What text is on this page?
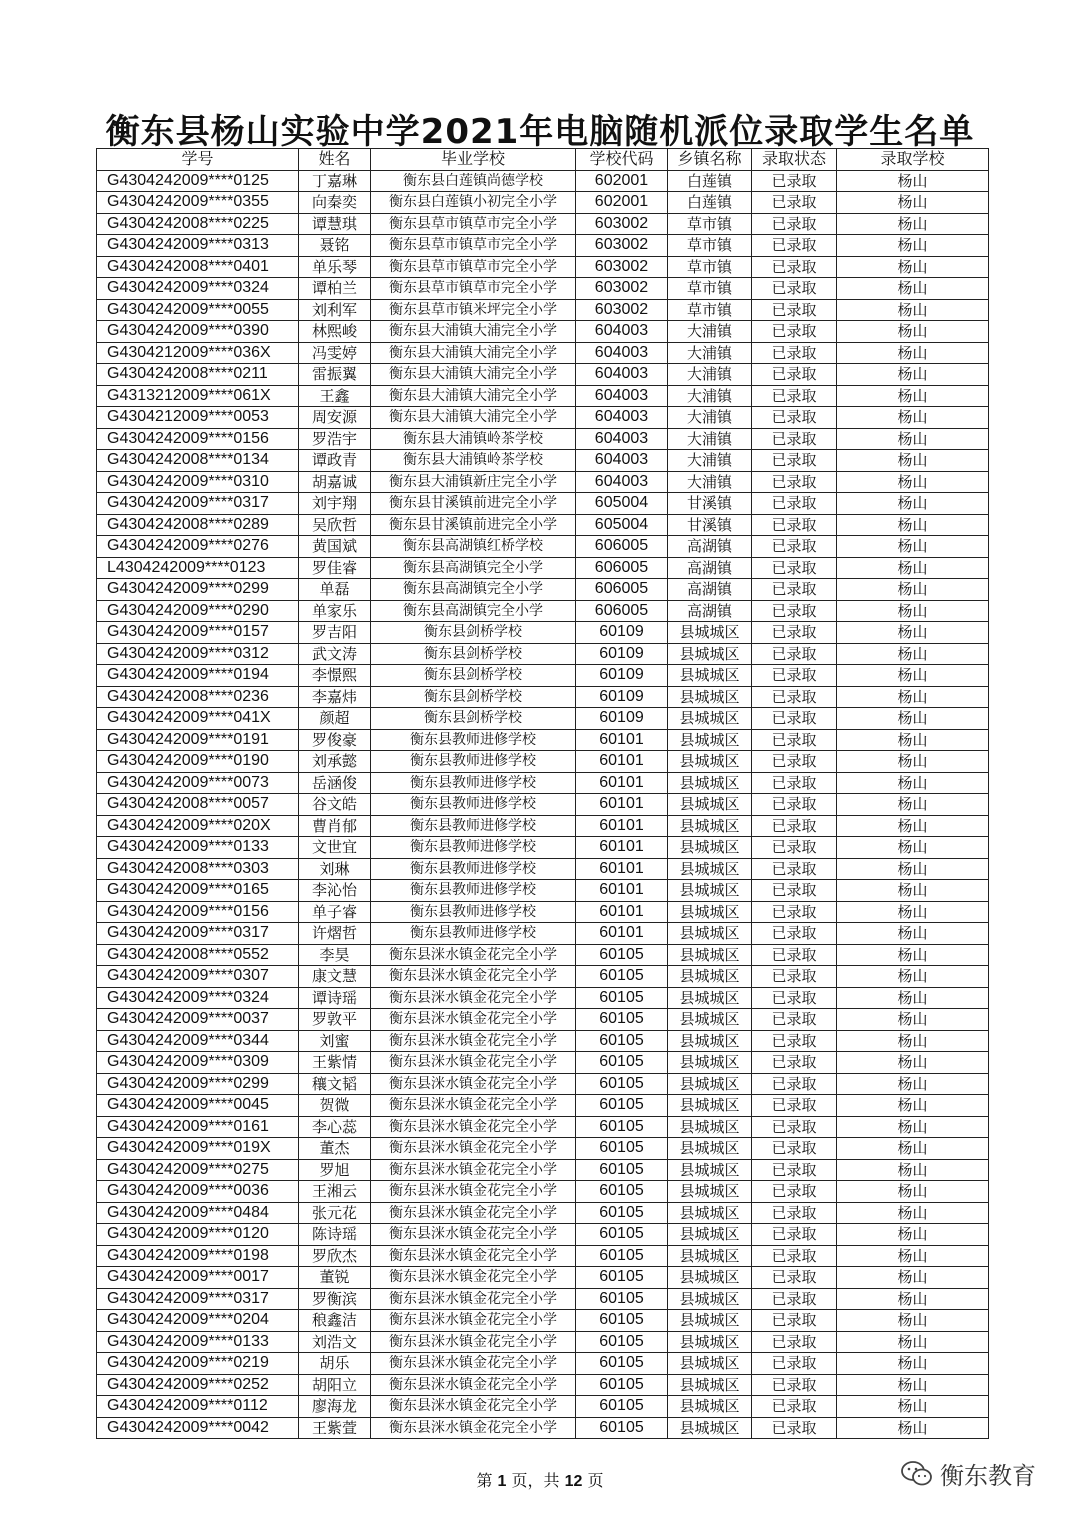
衡东县杨山实验中学2021年电脑随机派位录取学生名单
学号	姓名	毕业学校	学校代码	乡镇名称	录取状态	录取学校
G4304242009****0125	丁嘉琳	衡东县白莲镇尚德学校	602001	白莲镇	已录取	杨山
G4304242009****0355	向秦奕	衡东县白莲镇小初完全小学	602001	白莲镇	已录取	杨山
G4304242008****0225	谭慧琪	衡东县草市镇草市完全小学	603002	草市镇	已录取	杨山
G4304242009****0313	聂铭	衡东县草市镇草市完全小学	603002	草市镇	已录取	杨山
G4304242008****0401	单乐琴	衡东县草市镇草市完全小学	603002	草市镇	已录取	杨山
G4304242009****0324	谭柏兰	衡东县草市镇草市完全小学	603002	草市镇	已录取	杨山
G4304242009****0055	刘利军	衡东县草市镇米坪完全小学	603002	草市镇	已录取	杨山
G4304242009****0390	林熙峻	衡东县大浦镇大浦完全小学	604003	大浦镇	已录取	杨山
G4304212009****036X	冯雯婷	衡东县大浦镇大浦完全小学	604003	大浦镇	已录取	杨山
G4304242008****0211	雷振翼	衡东县大浦镇大浦完全小学	604003	大浦镇	已录取	杨山
G4313212009****061X	王鑫	衡东县大浦镇大浦完全小学	604003	大浦镇	已录取	杨山
G4304212009****0053	周安源	衡东县大浦镇大浦完全小学	604003	大浦镇	已录取	杨山
G4304242009****0156	罗浩宇	衡东县大浦镇岭茶学校	604003	大浦镇	已录取	杨山
G4304242008****0134	谭政青	衡东县大浦镇岭茶学校	604003	大浦镇	已录取	杨山
G4304242009****0310	胡嘉诚	衡东县大浦镇新庄完全小学	604003	大浦镇	已录取	杨山
G4304242009****0317	刘宇翔	衡东县甘溪镇前进完全小学	605004	甘溪镇	已录取	杨山
G4304242008****0289	吴欣哲	衡东县甘溪镇前进完全小学	605004	甘溪镇	已录取	杨山
G4304242009****0276	黄国斌	衡东县高湖镇红桥学校	606005	高湖镇	已录取	杨山
L4304242009****0123	罗佳睿	衡东县高湖镇完全小学	606005	高湖镇	已录取	杨山
G4304242009****0299	单磊	衡东县高湖镇完全小学	606005	高湖镇	已录取	杨山
G4304242009****0290	单家乐	衡东县高湖镇完全小学	606005	高湖镇	已录取	杨山
G4304242009****0157	罗吉阳	衡东县剑桥学校	60109	县城城区	已录取	杨山
G4304242009****0312	武文涛	衡东县剑桥学校	60109	县城城区	已录取	杨山
G4304242009****0194	李憬熙	衡东县剑桥学校	60109	县城城区	已录取	杨山
G4304242008****0236	李嘉炜	衡东县剑桥学校	60109	县城城区	已录取	杨山
G4304242009****041X	颜超	衡东县剑桥学校	60109	县城城区	已录取	杨山
G4304242009****0191	罗俊豪	衡东县教师进修学校	60101	县城城区	已录取	杨山
G4304242009****0190	刘承懿	衡东县教师进修学校	60101	县城城区	已录取	杨山
G4304242009****0073	岳涵俊	衡东县教师进修学校	60101	县城城区	已录取	杨山
G4304242008****0057	谷文皓	衡东县教师进修学校	60101	县城城区	已录取	杨山
G4304242009****020X	曹肖郁	衡东县教师进修学校	60101	县城城区	已录取	杨山
G4304242009****0133	文世宜	衡东县教师进修学校	60101	县城城区	已录取	杨山
G4304242008****0303	刘琳	衡东县教师进修学校	60101	县城城区	已录取	杨山
G4304242009****0165	李沁怡	衡东县教师进修学校	60101	县城城区	已录取	杨山
G4304242009****0156	单子睿	衡东县教师进修学校	60101	县城城区	已录取	杨山
G4304242009****0317	许熠哲	衡东县教师进修学校	60101	县城城区	已录取	杨山
G4304242008****0552	李昊	衡东县洣水镇金花完全小学	60105	县城城区	已录取	杨山
G4304242009****0307	康文慧	衡东县洣水镇金花完全小学	60105	县城城区	已录取	杨山
G4304242009****0324	谭诗瑶	衡东县洣水镇金花完全小学	60105	县城城区	已录取	杨山
G4304242009****0037	罗敦平	衡东县洣水镇金花完全小学	60105	县城城区	已录取	杨山
G4304242009****0344	刘蜜	衡东县洣水镇金花完全小学	60105	县城城区	已录取	杨山
G4304242009****0309	王紫情	衡东县洣水镇金花完全小学	60105	县城城区	已录取	杨山
G4304242009****0299	穰文韬	衡东县洣水镇金花完全小学	60105	县城城区	已录取	杨山
G4304242009****0045	贺微	衡东县洣水镇金花完全小学	60105	县城城区	已录取	杨山
G4304242009****0161	李心蕊	衡东县洣水镇金花完全小学	60105	县城城区	已录取	杨山
G4304242009****019X	董杰	衡东县洣水镇金花完全小学	60105	县城城区	已录取	杨山
G4304242009****0275	罗旭	衡东县洣水镇金花完全小学	60105	县城城区	已录取	杨山
G4304242009****0036	王湘云	衡东县洣水镇金花完全小学	60105	县城城区	已录取	杨山
G4304242009****0484	张元花	衡东县洣水镇金花完全小学	60105	县城城区	已录取	杨山
G4304242009****0120	陈诗瑶	衡东县洣水镇金花完全小学	60105	县城城区	已录取	杨山
G4304242009****0198	罗欣杰	衡东县洣水镇金花完全小学	60105	县城城区	已录取	杨山
G4304242009****0017	董锐	衡东县洣水镇金花完全小学	60105	县城城区	已录取	杨山
G4304242009****0317	罗衡滨	衡东县洣水镇金花完全小学	60105	县城城区	已录取	杨山
G4304242009****0204	稂鑫洁	衡东县洣水镇金花完全小学	60105	县城城区	已录取	杨山
G4304242009****0133	刘浩文	衡东县洣水镇金花完全小学	60105	县城城区	已录取	杨山
G4304242009****0219	胡乐	衡东县洣水镇金花完全小学	60105	县城城区	已录取	杨山
G4304242009****0252	胡阳立	衡东县洣水镇金花完全小学	60105	县城城区	已录取	杨山
G4304242009****0112	廖海龙	衡东县洣水镇金花完全小学	60105	县城城区	已录取	杨山
G4304242009****0042	王紫萱	衡东县洣水镇金花完全小学	60105	县城城区	已录取	杨山
第 1 页，共 12 页	衡东教育
